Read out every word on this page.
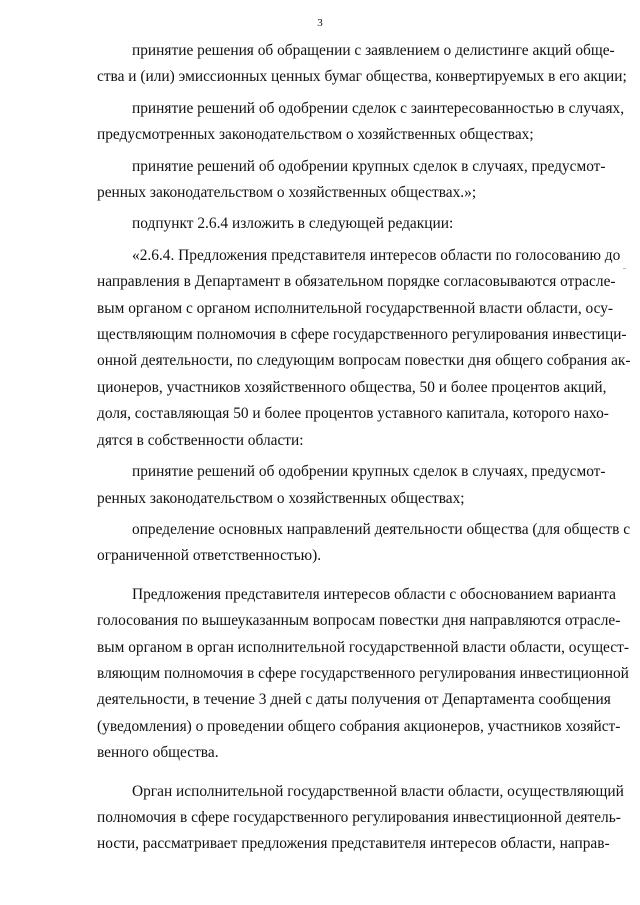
3
принятие решения об обращении с заявлением о делистинге акций обще-
ства и (или) эмиссионных ценных бумаг общества, конвертируемых в его акции;
принятие решений об одобрении сделок с заинтересованностью в случаях,
предусмотренных законодательством о хозяйственных обществах;
принятие решений об одобрении крупных сделок в случаях, предусмот-
ренных законодательством о хозяйственных обществах.»;
подпункт 2.6.4 изложить в следующей редакции:
«2.6.4. Предложения представителя интересов области по голосованию до
направления в Департамент в обязательном порядке согласовываются отрасле-
вым органом с органом исполнительной государственной власти области, осу-
ществляющим полномочия в сфере государственного регулирования инвестици-
онной деятельности, по следующим вопросам повестки дня общего собрания ак-
ционеров, участников хозяйственного общества, 50 и более процентов акций,
доля, составляющая 50 и более процентов уставного капитала, которого нахо-
дятся в собственности области:
принятие решений об одобрении крупных сделок в случаях, предусмот-
ренных законодательством о хозяйственных обществах;
определение основных направлений деятельности общества (для обществ с
ограниченной ответственностью).
Предложения представителя интересов области с обоснованием варианта
голосования по вышеуказанным вопросам повестки дня направляются отрасле-
вым органом в орган исполнительной государственной власти области, осущест-
вляющим полномочия в сфере государственного регулирования инвестиционной
деятельности, в течение 3 дней с даты получения от Департамента сообщения
(уведомления) о проведении общего собрания акционеров, участников хозяйст-
венного общества.
Орган исполнительной государственной власти области, осуществляющий
полномочия в сфере государственного регулирования инвестиционной деятель-
ности, рассматривает предложения представителя интересов области, направ-
